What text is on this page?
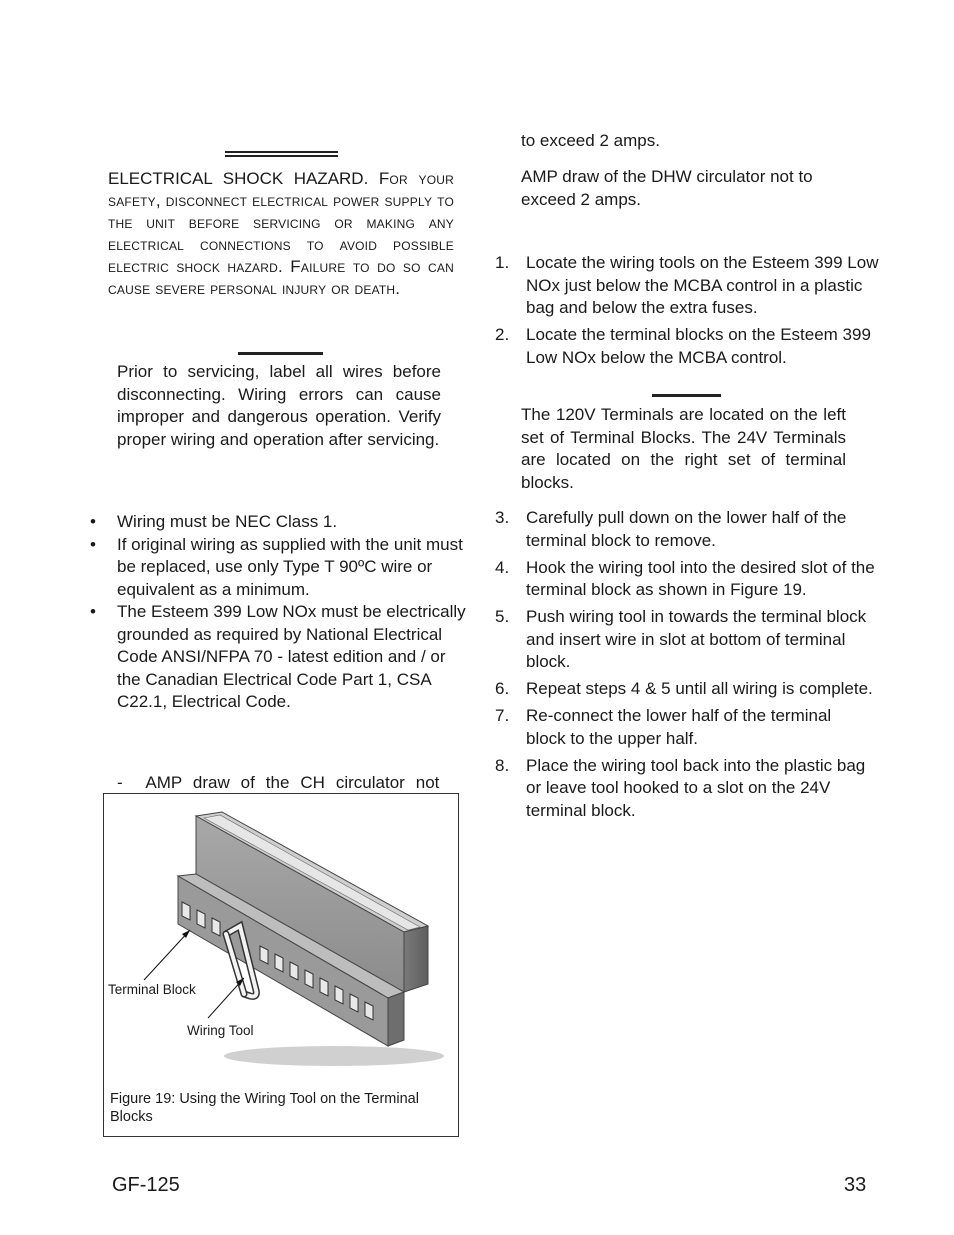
ELECTRICAL SHOCK HAZARD. For your safety, disconnect electrical power supply to the unit before servicing or making any electrical connections to avoid possible electric shock hazard. Failure to do so can cause severe personal injury or death.
Prior to servicing, label all wires before disconnecting. Wiring errors can cause improper and dangerous operation. Verify proper wiring and operation after servicing.
• Wiring must be NEC Class 1.
• If original wiring as supplied with the unit must be replaced, use only Type T 90ºC wire or equivalent as a minimum.
• The Esteem 399 Low NOx must be electrically grounded as required by National Electrical Code ANSI/NFPA 70 - latest edition and / or the Canadian Electrical Code Part 1, CSA C22.1, Electrical Code.
- AMP draw of the CH circulator not
Terminal Block
Wiring Tool
Figure 19: Using the Wiring Tool on the Terminal Blocks
to exceed 2 amps.
AMP draw of the DHW circulator not to exceed 2 amps.
1. Locate the wiring tools on the Esteem 399 Low NOx just below the MCBA control in a plastic bag and below the extra fuses.
2. Locate the terminal blocks on the Esteem 399 Low NOx below the MCBA control.
The 120V Terminals are located on the left set of Terminal Blocks. The 24V Terminals are located on the right set of terminal blocks.
3. Carefully pull down on the lower half of the terminal block to remove.
4. Hook the wiring tool into the desired slot of the terminal block as shown in Figure 19.
5. Push wiring tool in towards the terminal block and insert wire in slot at bottom of terminal block.
6. Repeat steps 4 & 5 until all wiring is complete.
7. Re-connect the lower half of the terminal block to the upper half.
8. Place the wiring tool back into the plastic bag or leave tool hooked to a slot on the 24V terminal block.
GF-125	33
